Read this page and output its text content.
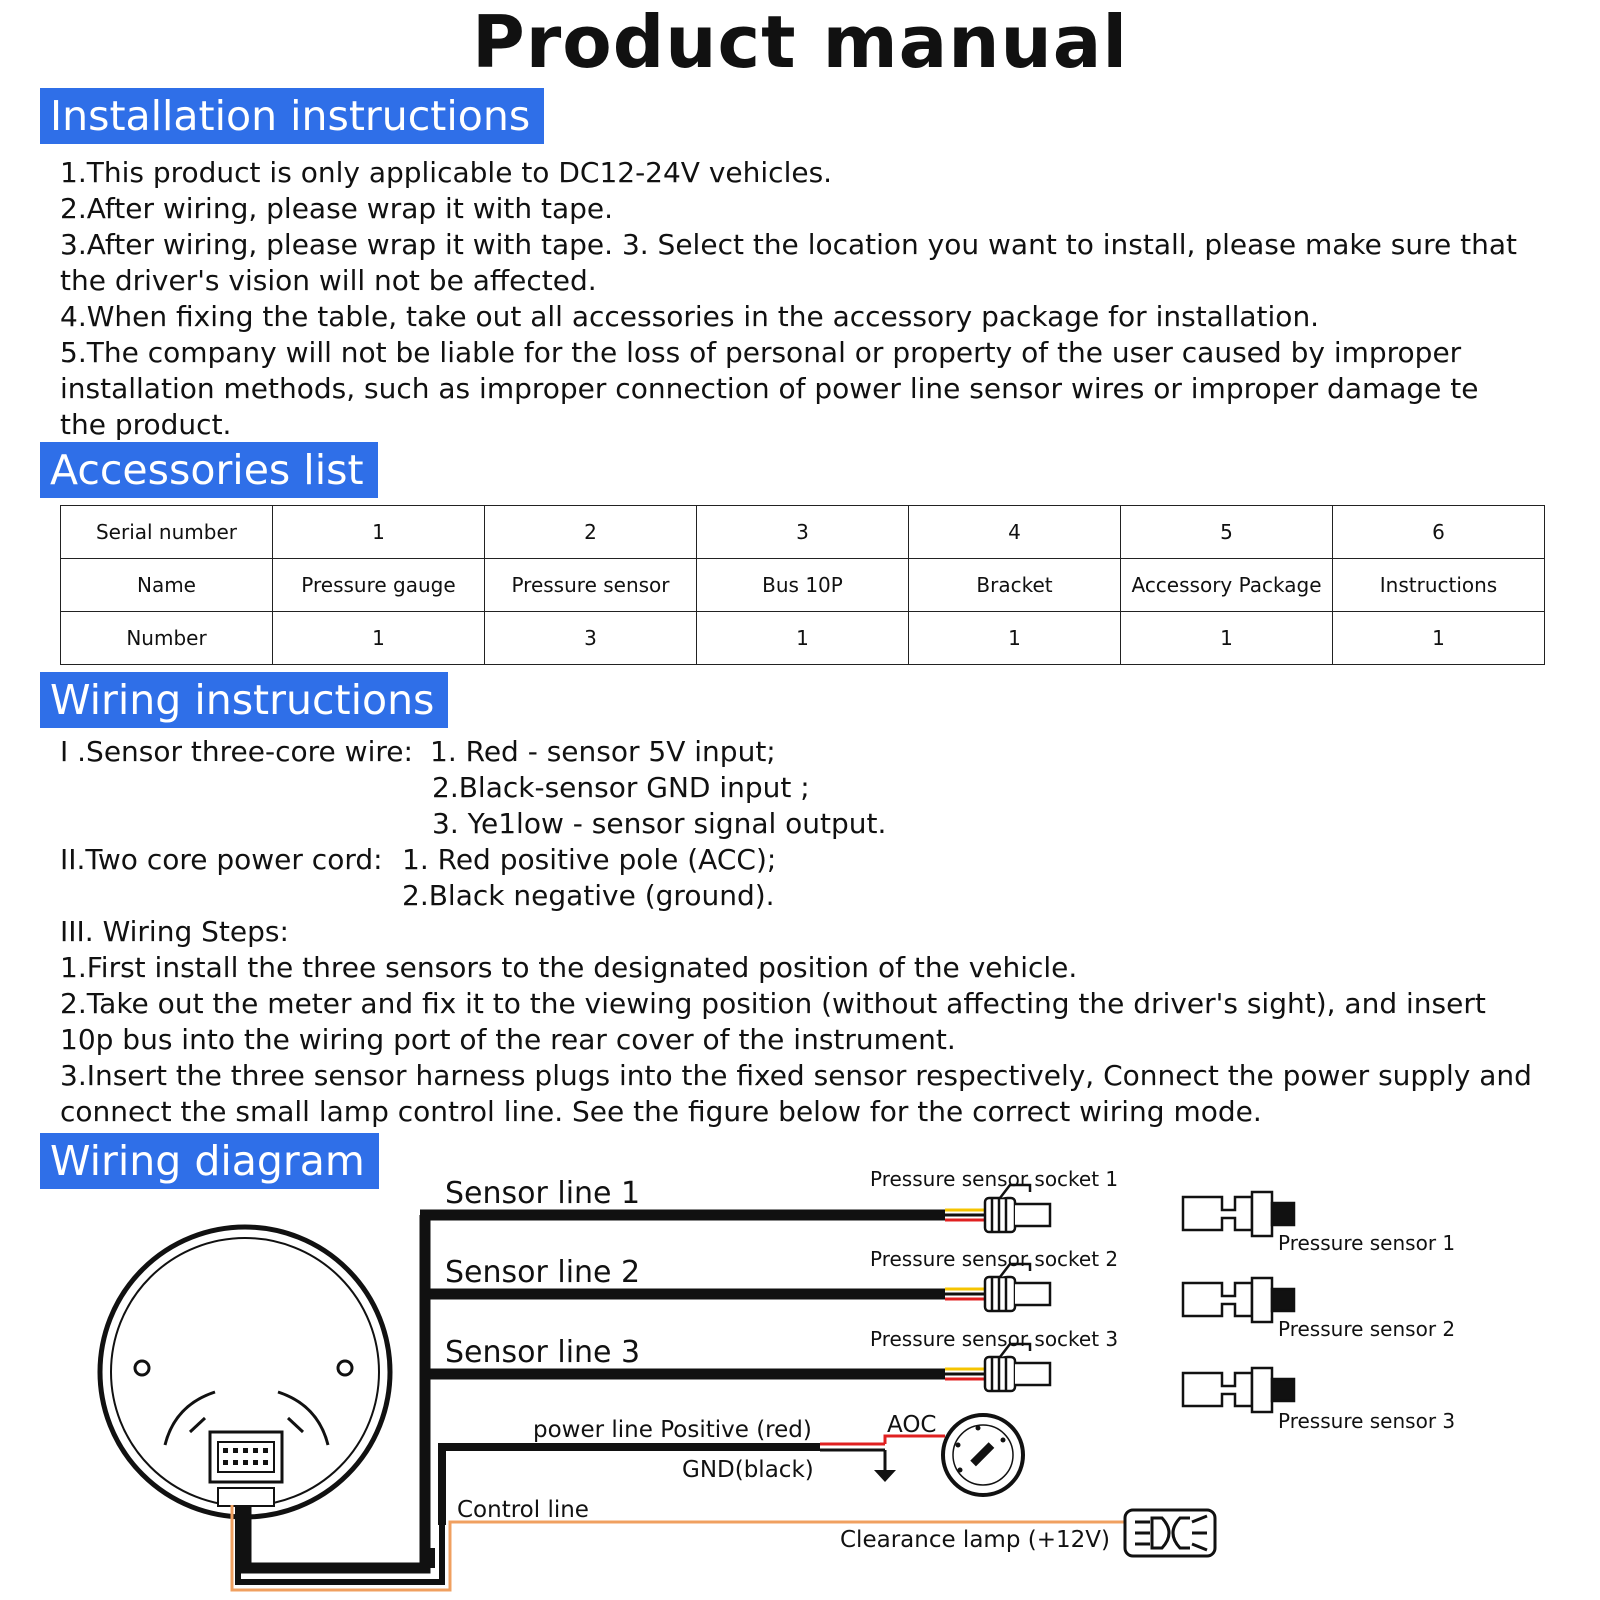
Product manual
Installation instructions
1.This product is only applicable to DC12-24V vehicles.
2.After wiring, please wrap it with tape.
3.After wiring, please wrap it with tape. 3. Select the location you want to install, please make sure that
the driver's vision will not be affected.
4.When fixing the table, take out all accessories in the accessory package for installation.
5.The company will not be liable for the loss of personal or property of the user caused by improper
installation methods, such as improper connection of power line sensor wires or improper damage te
the product.
Accessories list
Serial number	1	2	3	4	5	6
Name	Pressure gauge	Pressure sensor	Bus 10P	Bracket	Accessory Package	Instructions
Number	1	3	1	1	1	1
Wiring instructions
I .Sensor three-core wire: 1. Red - sensor 5V input;
2.Black-sensor GND input ;
3. Ye1low - sensor signal output.
II.Two core power cord: 1. Red positive pole (ACC);
2.Black negative (ground).
III. Wiring Steps:
1.First install the three sensors to the designated position of the vehicle.
2.Take out the meter and fix it to the viewing position (without affecting the driver's sight), and insert
10p bus into the wiring port of the rear cover of the instrument.
3.Insert the three sensor harness plugs into the fixed sensor respectively, Connect the power supply and
connect the small lamp control line. See the figure below for the correct wiring mode.
Wiring diagram
Sensor line 1
Sensor line 2
Sensor line 3
Pressure sensor socket 1
Pressure sensor socket 2
Pressure sensor socket 3
Pressure sensor 1
Pressure sensor 2
Pressure sensor 3
power line Positive (red)
GND(black)
AOC
Control line
Clearance lamp (+12V)
